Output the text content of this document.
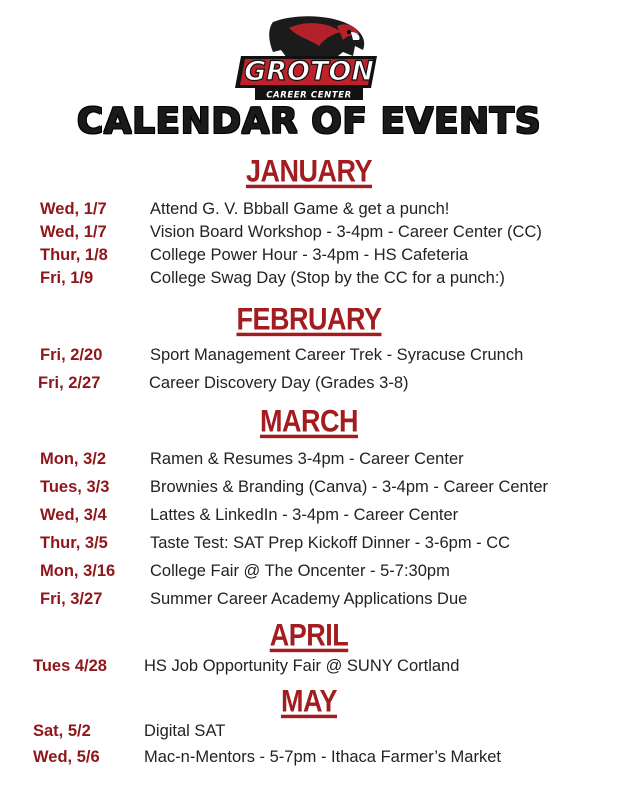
GROTON
CAREER CENTER
CALENDAR OF EVENTS
JANUARY
Wed, 1/7	Attend G. V. Bbball Game & get a punch!
Wed, 1/7	Vision Board Workshop - 3-4pm - Career Center (CC)
Thur, 1/8	College Power Hour - 3-4pm - HS Cafeteria
Fri, 1/9	College Swag Day (Stop by the CC for a punch:)
FEBRUARY
Fri, 2/20	Sport Management Career Trek - Syracuse Crunch
Fri, 2/27	Career Discovery Day (Grades 3-8)
MARCH
Mon, 3/2	Ramen & Resumes 3-4pm - Career Center
Tues, 3/3 Brownies & Branding (Canva) - 3-4pm - Career Center
Wed, 3/4	Lattes & LinkedIn - 3-4pm - Career Center
Thur, 3/5	Taste Test: SAT Prep Kickoff Dinner - 3-6pm - CC
Mon, 3/16 College Fair @ The Oncenter - 5-7:30pm
Fri, 3/27	Summer Career Academy Applications Due
APRIL
Tues 4/28 HS Job Opportunity Fair @ SUNY Cortland
MAY
Sat, 5/2	Digital SAT
Wed, 5/6	Mac-n-Mentors - 5-7pm - Ithaca Farmer’s Market
